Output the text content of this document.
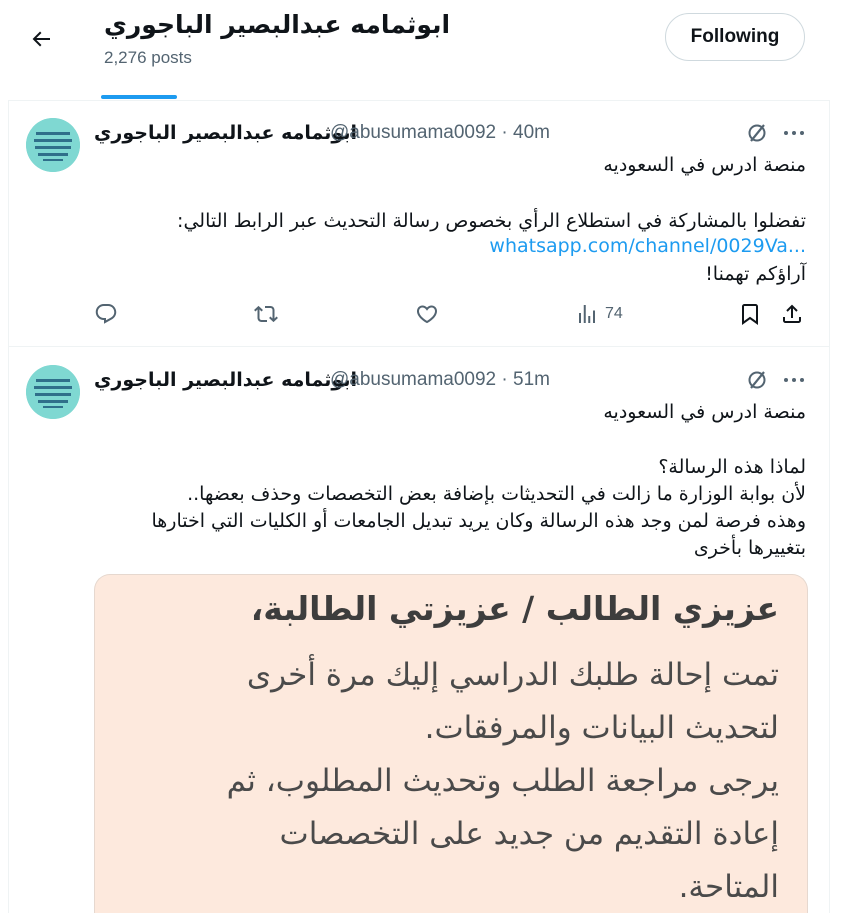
ابوثمامه عبدالبصير الباجوري
2,276 posts
Following
ابوثمامه عبدالبصير الباجوري
@abusumama0092 · 40m
منصة ادرس في السعوديه
تفضلوا بالمشاركة في استطلاع الرأي بخصوص رسالة التحديث عبر الرابط التالي:
whatsapp.com/channel/0029Va...
آراؤكم تهمنا!
74
ابوثمامه عبدالبصير الباجوري
@abusumama0092 · 51m
منصة ادرس في السعوديه
لماذا هذه الرسالة؟
لأن بوابة الوزارة ما زالت في التحديثات بإضافة بعض التخصصات وحذف بعضها..
وهذه فرصة لمن وجد هذه الرسالة وكان يريد تبديل الجامعات أو الكليات التي اختارها
بتغييرها بأخرى
عزيزي الطالب / عزيزتي الطالبة،
تمت إحالة طلبك الدراسي إليك مرة أخرى
لتحديث البيانات والمرفقات.
يرجى مراجعة الطلب وتحديث المطلوب، ثم
إعادة التقديم من جديد على التخصصات
المتاحة.
